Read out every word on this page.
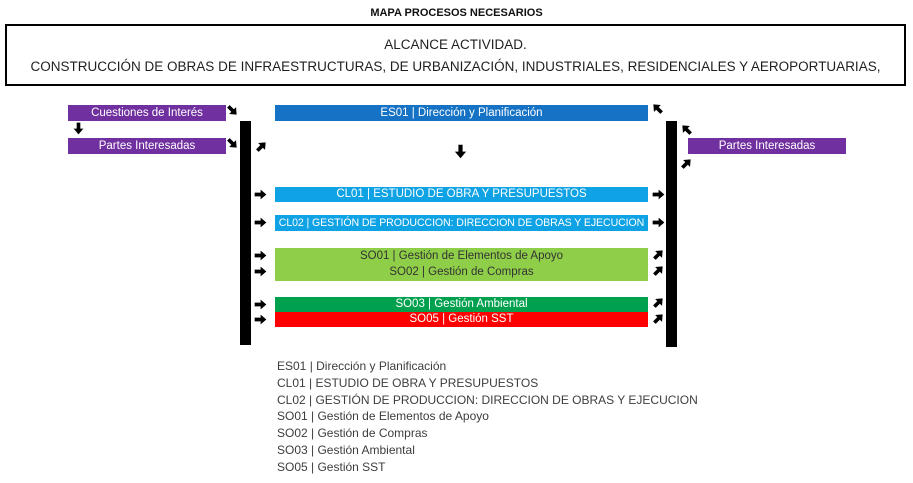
MAPA PROCESOS NECESARIOS
ALCANCE ACTIVIDAD.
CONSTRUCCIÓN DE OBRAS DE INFRAESTRUCTURAS, DE URBANIZACIÓN, INDUSTRIALES, RESIDENCIALES Y AEROPORTUARIAS,
Cuestiones de Interés
Partes Interesadas
ES01 | Dirección y Planificación
Partes Interesadas
CL01 | ESTUDIO DE OBRA Y PRESUPUESTOS
CL02 | GESTIÓN DE PRODUCCION: DIRECCION DE OBRAS Y EJECUCION
SO01 | Gestión de Elementos de Apoyo
SO02 | Gestión de Compras
SO03 | Gestión Ambiental
SO05 | Gestión SST
ES01 | Dirección y Planificación
CL01 | ESTUDIO DE OBRA Y PRESUPUESTOS
CL02 | GESTIÓN DE PRODUCCION: DIRECCION DE OBRAS Y EJECUCION
SO01 | Gestión de Elementos de Apoyo
SO02 | Gestión de Compras
SO03 | Gestión Ambiental
SO05 | Gestión SST
